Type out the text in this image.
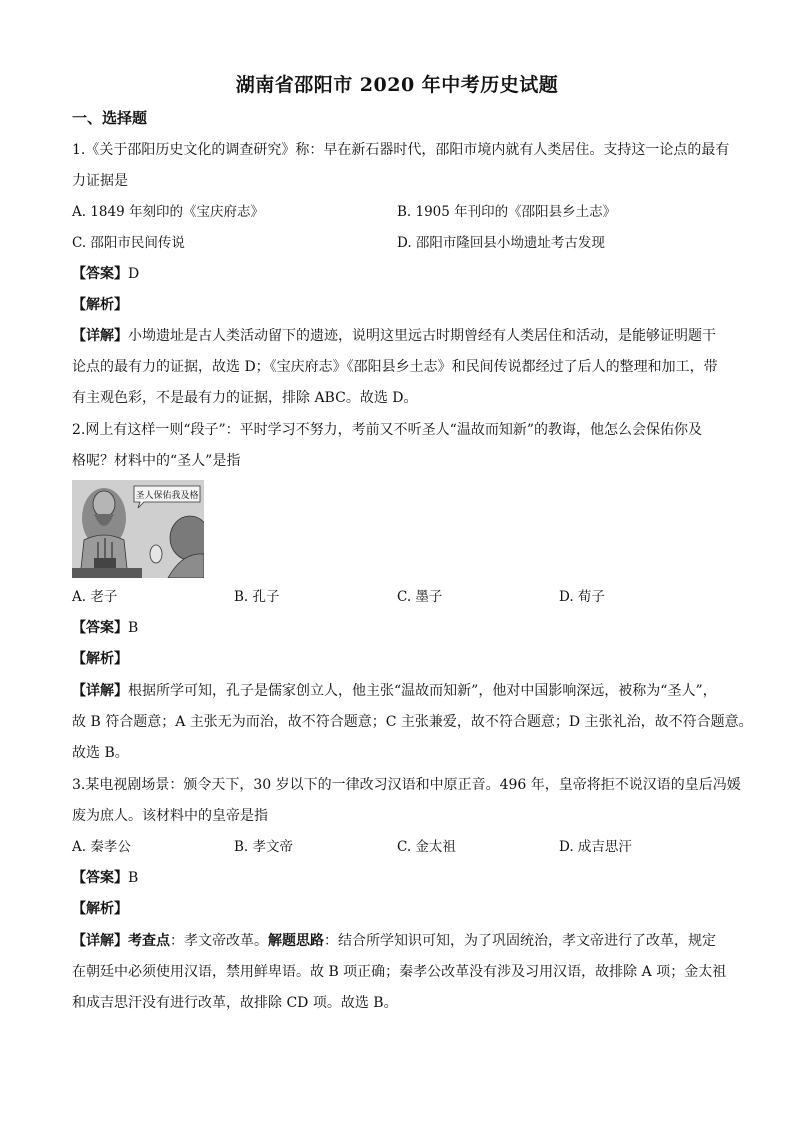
湖南省邵阳市 2020 年中考历史试题
一、选择题
1.《关于邵阳历史文化的调查研究》称：早在新石器时代，邵阳市境内就有人类居住。支持这一论点的最有
力证据是
A. 1849 年刻印的《宝庆府志》	B. 1905 年刊印的《邵阳县乡土志》
C. 邵阳市民间传说	D. 邵阳市隆回县小坳遗址考古发现
【答案】D
【解析】
【详解】小坳遗址是古人类活动留下的遗迹，说明这里远古时期曾经有人类居住和活动，是能够证明题干
论点的最有力的证据，故选 D；《宝庆府志》《邵阳县乡土志》和民间传说都经过了后人的整理和加工，带
有主观色彩，不是最有力的证据，排除 ABC。故选 D。
2.网上有这样一则“段子”：平时学习不努力，考前又不听圣人“温故而知新”的教诲，他怎么会保佑你及
格呢？材料中的“圣人”是指
圣人保佑我及格
A. 老子	B. 孔子	C. 墨子	D. 荀子
【答案】B
【解析】
【详解】根据所学可知，孔子是儒家创立人，他主张“温故而知新”，他对中国影响深远，被称为“圣人”，
故 B 符合题意；A 主张无为而治，故不符合题意；C 主张兼爱，故不符合题意；D 主张礼治，故不符合题意。
故选 B。
3.某电视剧场景：颁令天下，30 岁以下的一律改习汉语和中原正音。496 年，皇帝将拒不说汉语的皇后冯媛
废为庶人。该材料中的皇帝是指
A. 秦孝公	B. 孝文帝	C. 金太祖	D. 成吉思汗
【答案】B
【解析】
【详解】考查点：孝文帝改革。解题思路：结合所学知识可知，为了巩固统治，孝文帝进行了改革，规定
在朝廷中必须使用汉语，禁用鲜卑语。故 B 项正确；秦孝公改革没有涉及习用汉语，故排除 A 项；金太祖
和成吉思汗没有进行改革，故排除 CD 项。故选 B。
